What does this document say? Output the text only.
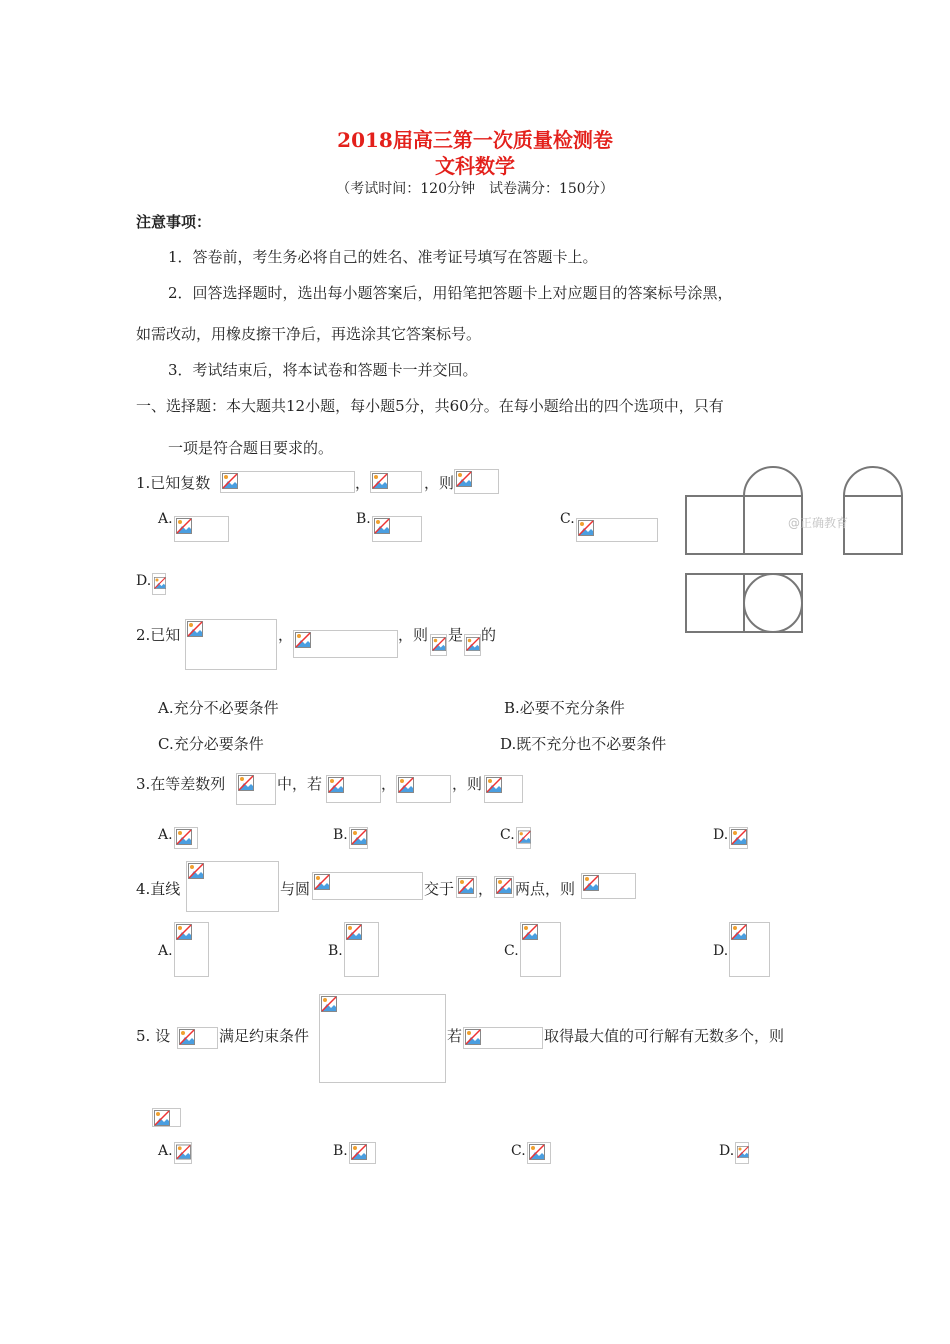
2018届高三第一次质量检测卷
文科数学
（考试时间：120分钟　试卷满分：150分）
注意事项：
1．答卷前，考生务必将自己的姓名、准考证号填写在答题卡上。
2．回答选择题时，选出每小题答案后，用铅笔把答题卡上对应题目的答案标号涂黑，
如需改动，用橡皮擦干净后，再选涂其它答案标号。
3．考试结束后，将本试卷和答题卡一并交回。
一、选择题：本大题共12小题，每小题5分，共60分。在每小题给出的四个选项中，只有
一项是符合题目要求的。
1.已知复数	，	，则
A.	B.	C.
D.
@正确教育
2.已知	，	，则 是 的
A.充分不必要条件	B.必要不充分条件
C.充分必要条件	D.既不充分也不必要条件
3.在等差数列	中，若	，	，则
A.	B.	C.	D.
4.直线	与圆	交于 ， 两点，则
A.	B.	C.	D.
5. 设	满足约束条件	若	取得最大值的可行解有无数多个，则
A.	B.	C.	D.
